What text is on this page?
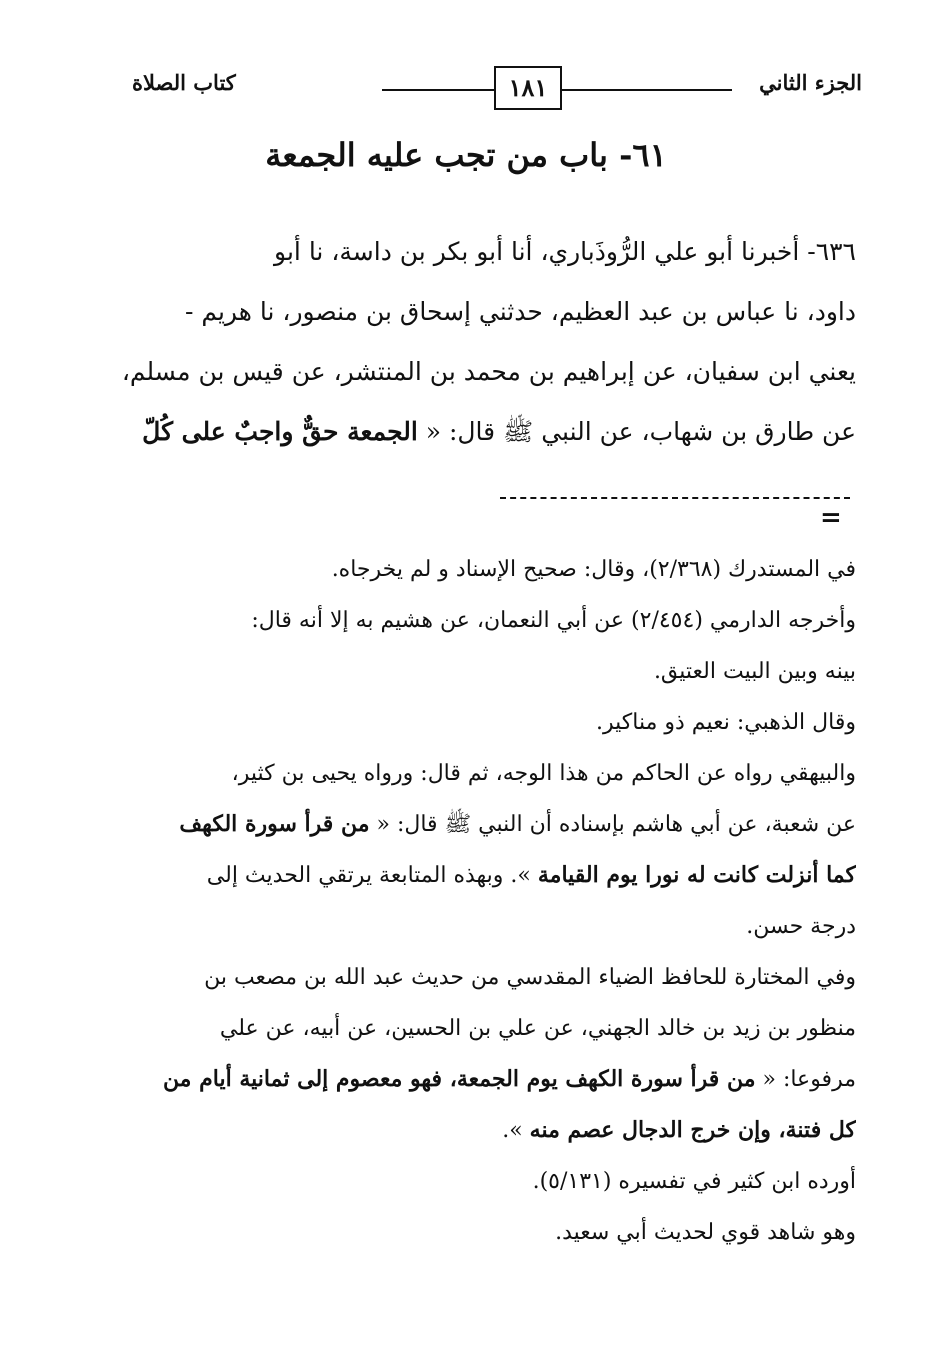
الجزء الثاني
١٨١
كتاب الصلاة
٦١- باب من تجب عليه الجمعة
٦٣٦- أخبرنا أبو علي الرُّوذَباري، أنا أبو بكر بن داسة، نا أبو
داود، نا عباس بن عبد العظيم، حدثني إسحاق بن منصور، نا هريم -
يعني ابن سفيان، عن إبراهيم بن محمد بن المنتشر، عن قيس بن مسلم،
عن طارق بن شهاب، عن النبي ﷺ قال: « الجمعة حقٌّ واجبٌ على كُلّ
=
في المستدرك (٢/٣٦٨)، وقال: صحيح الإسناد و لم يخرجاه.
وأخرجه الدارمي (٢/٤٥٤) عن أبي النعمان، عن هشيم به إلا أنه قال:
بينه وبين البيت العتيق.
وقال الذهبي: نعيم ذو مناكير.
والبيهقي رواه عن الحاكم من هذا الوجه، ثم قال: ورواه يحيى بن كثير،
عن شعبة، عن أبي هاشم بإسناده أن النبي ﷺ قال: « من قرأ سورة الكهف
كما أنزلت كانت له نورا يوم القيامة ». وبهذه المتابعة يرتقي الحديث إلى
درجة حسن.
وفي المختارة للحافظ الضياء المقدسي من حديث عبد الله بن مصعب بن
منظور بن زيد بن خالد الجهني، عن علي بن الحسين، عن أبيه، عن علي
مرفوعا: « من قرأ سورة الكهف يوم الجمعة، فهو معصوم إلى ثمانية أيام من
كل فتنة، وإن خرج الدجال عصم منه ».
أورده ابن كثير في تفسيره (٥/١٣١).
وهو شاهد قوي لحديث أبي سعيد.
